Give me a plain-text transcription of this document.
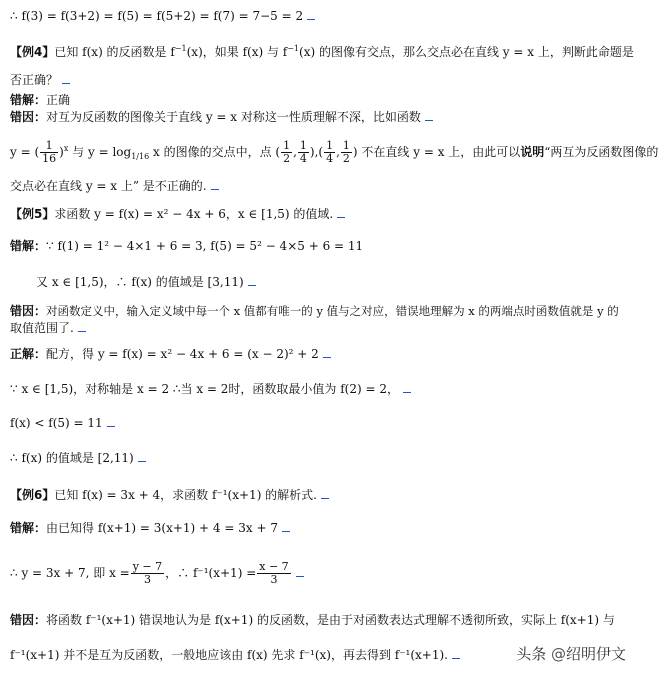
∴ f(3) = f(3+2) = f(5) = f(5+2) = f(7) = 7−5 = 2
【例4】已知 f(x) 的反函数是 $f^{-1}(x)$，如果 f(x) 与 $f^{-1}(x)$ 的图像有交点，那么交点必在直线 y = x 上，判断此命题是
否正确？
错解：正确
错因：对互为反函数的图像关于直线 y = x 对称这一性质理解不深，比如函数
y = ( $\frac{1}{16} )^x$ 与 $y = \log_{1/16} x$ 的图像的交点中，点 ( $\frac{1}{2}$ , $\frac{1}{4}$ ),( $\frac{1}{4}$ , $\frac{1}{2}$ ) 不在直线 y = x 上，由此可以说明“两互为反函数图像的
交点必在直线 y = x 上” 是不正确的.
【例5】求函数 y = f(x) = x² − 4x + 6，x ∈ [1,5) 的值域.
错解：∵ f(1) = 1² − 4×1 + 6 = 3, f(5) = 5² − 4×5 + 6 = 11
又 x ∈ [1,5)，∴ f(x) 的值域是 [3,11)
错因：对函数定义中，输入定义域中每一个 x 值都有唯一的 y 值与之对应，错误地理解为 x 的两端点时函数值就是 y 的
取值范围了.
正解：配方，得 y = f(x) = x² − 4x + 6 = (x − 2)² + 2
∵ x ∈ [1,5)，对称轴是 x = 2 ∴当 x = 2时，函数取最小值为 f(2) = 2，
f(x) < f(5) = 11
∴ f(x) 的值域是 [2,11)
【例6】已知 f(x) = 3x + 4，求函数 f⁻¹(x+1) 的解析式.
错解：由已知得 f(x+1) = 3(x+1) + 4 = 3x + 7
∴ y = 3x + 7, 即 $x = \frac{y - 7}{3}$ ，∴ $f^{-1}(x+1) = \frac{x - 7}{3}$
错因：将函数 f⁻¹(x+1) 错误地认为是 f(x+1) 的反函数，是由于对函数表达式理解不透彻所致，实际上 f(x+1) 与
f⁻¹(x+1) 并不是互为反函数，一般地应该由 f(x) 先求 f⁻¹(x)，再去得到 f⁻¹(x+1).	头条 @绍明伊文
